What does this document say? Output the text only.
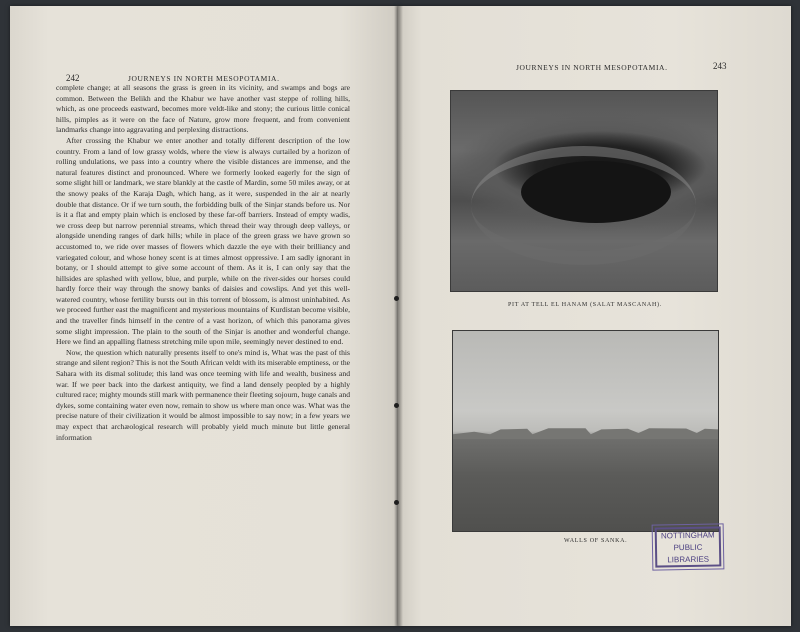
242	JOURNEYS IN NORTH MESOPOTAMIA.

complete change; at all seasons the grass is green in its vicinity, and swamps and bogs are common. Between the Belikh and the Khabur we have another vast steppe of rolling hills, which, as one proceeds eastward, becomes more veldt-like and stony; the curious little conical hills, pimples as it were on the face of Nature, grow more frequent, and from convenient landmarks change into aggravating and perplexing distractions.

After crossing the Khabur we enter another and totally different description of the low country. From a land of low grassy wolds, where the view is always curtailed by a horizon of rolling undulations, we pass into a country where the visible distances are immense, and the natural features distinct and pronounced. Where we formerly looked eagerly for the sign of some slight hill or landmark, we stare blankly at the castle of Mardin, some 50 miles away, or at the snowy peaks of the Karaja Dagh, which hang, as it were, suspended in the air at nearly double that distance. Or if we turn south, the forbidding bulk of the Sinjar stands before us. Nor is it a flat and empty plain which is enclosed by these far-off barriers. Instead of empty wadis, we cross deep but narrow perennial streams, which thread their way through deep valleys, or alongside unending ranges of dark hills; while in place of the green grass we have grown so accustomed to, we ride over masses of flowers which dazzle the eye with their brilliancy and variegated colour, and whose honey scent is at times almost oppressive. I am sadly ignorant in botany, or I should attempt to give some account of them. As it is, I can only say that the hillsides are splashed with yellow, blue, and purple, while on the river-sides our horses could hardly force their way through the snowy banks of daisies and cowslips. And yet this well-watered country, whose fertility bursts out in this torrent of blossom, is almost uninhabited. As we proceed further east the magnificent and mysterious mountains of Kurdistan become visible, and the traveller finds himself in the centre of a vast horizon, of which this panorama gives some slight impression. The plain to the south of the Sinjar is another and wonderful change. Here we find an appalling flatness stretching mile upon mile, seemingly never destined to end.

Now, the question which naturally presents itself to one's mind is, What was the past of this strange and silent region? This is not the South African veldt with its miserable emptiness, or the Sahara with its dismal solitude; this land was once teeming with life and wealth, business and war. If we peer back into the darkest antiquity, we find a land densely peopled by a highly cultured race; mighty mounds still mark with permanence their fleeting sojourn, huge canals and dykes, some containing water even now, remain to show us where man once was. What was the precise nature of their civilization it would be almost impossible to say now; in a few years we may expect that archæological research will probably yield much minute but little general information

JOURNEYS IN NORTH MESOPOTAMIA.	243
PIT AT TELL EL HANAM (SALAT MASCANAH).
WALLS OF SANKA.
NOTTINGHAM
PUBLIC
LIBRARIES
